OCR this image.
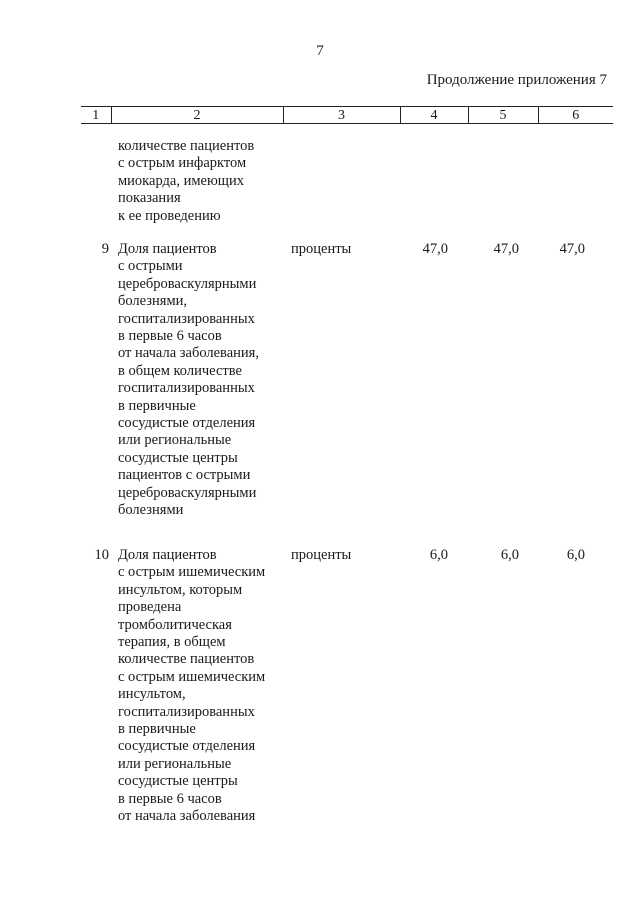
7
Продолжение приложения 7
1	2	3	4	5	6
количестве пациентов
с острым инфарктом
миокарда, имеющих
показания
к ее проведению
9 Доля пациентов
с острыми
цереброваскулярными
болезнями,
госпитализированных
в первые 6 часов
от начала заболевания,
в общем количестве
госпитализированных
в первичные
сосудистые отделения
или региональные
сосудистые центры
пациентов с острыми
цереброваскулярными
болезнями
проценты	47,0	47,0	47,0
10 Доля пациентов
с острым ишемическим
инсультом, которым
проведена
тромболитическая
терапия, в общем
количестве пациентов
с острым ишемическим
инсультом,
госпитализированных
в первичные
сосудистые отделения
или региональные
сосудистые центры
в первые 6 часов
от начала заболевания
проценты	6,0	6,0	6,0
